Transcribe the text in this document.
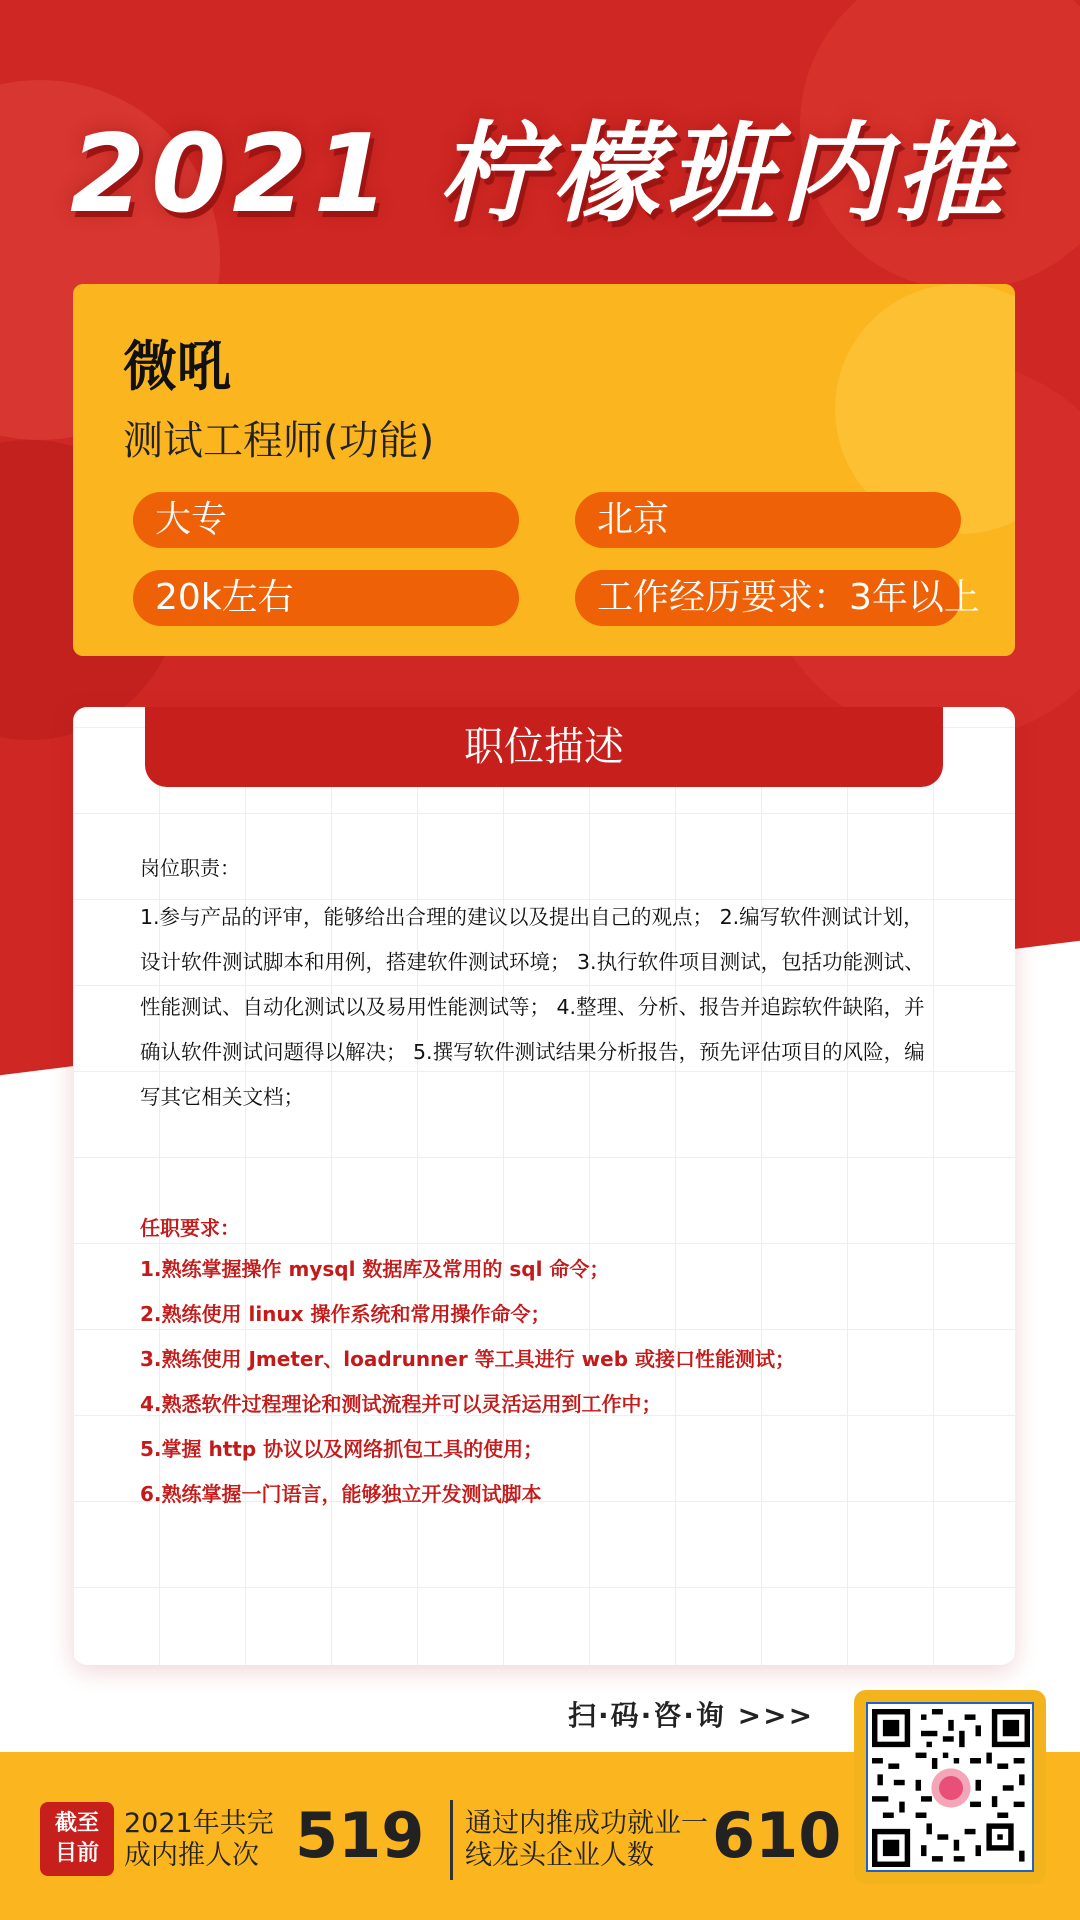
2021 柠檬班内推
微吼
测试工程师(功能)
大专	北京
20k左右	工作经历要求：3年以上
职位描述
岗位职责：
1.参与产品的评审，能够给出合理的建议以及提出自己的观点； 2.编写软件测试计划，设计软件测试脚本和用例，搭建软件测试环境； 3.执行软件项目测试，包括功能测试、性能测试、自动化测试以及易用性能测试等； 4.整理、分析、报告并追踪软件缺陷，并确认软件测试问题得以解决； 5.撰写软件测试结果分析报告，预先评估项目的风险，编写其它相关文档；
任职要求：
1.熟练掌握操作 mysql 数据库及常用的 sql 命令；
2.熟练使用 linux 操作系统和常用操作命令；
3.熟练使用 Jmeter、loadrunner 等工具进行 web 或接口性能测试；
4.熟悉软件过程理论和测试流程并可以灵活运用到工作中；
5.掌握 http 协议以及网络抓包工具的使用；
6.熟练掌握一门语言，能够独立开发测试脚本
扫·码·咨·询 >>>
截至
目前
2021年共完成内推人次 519 通过内推成功就业一线龙头企业人数 610
